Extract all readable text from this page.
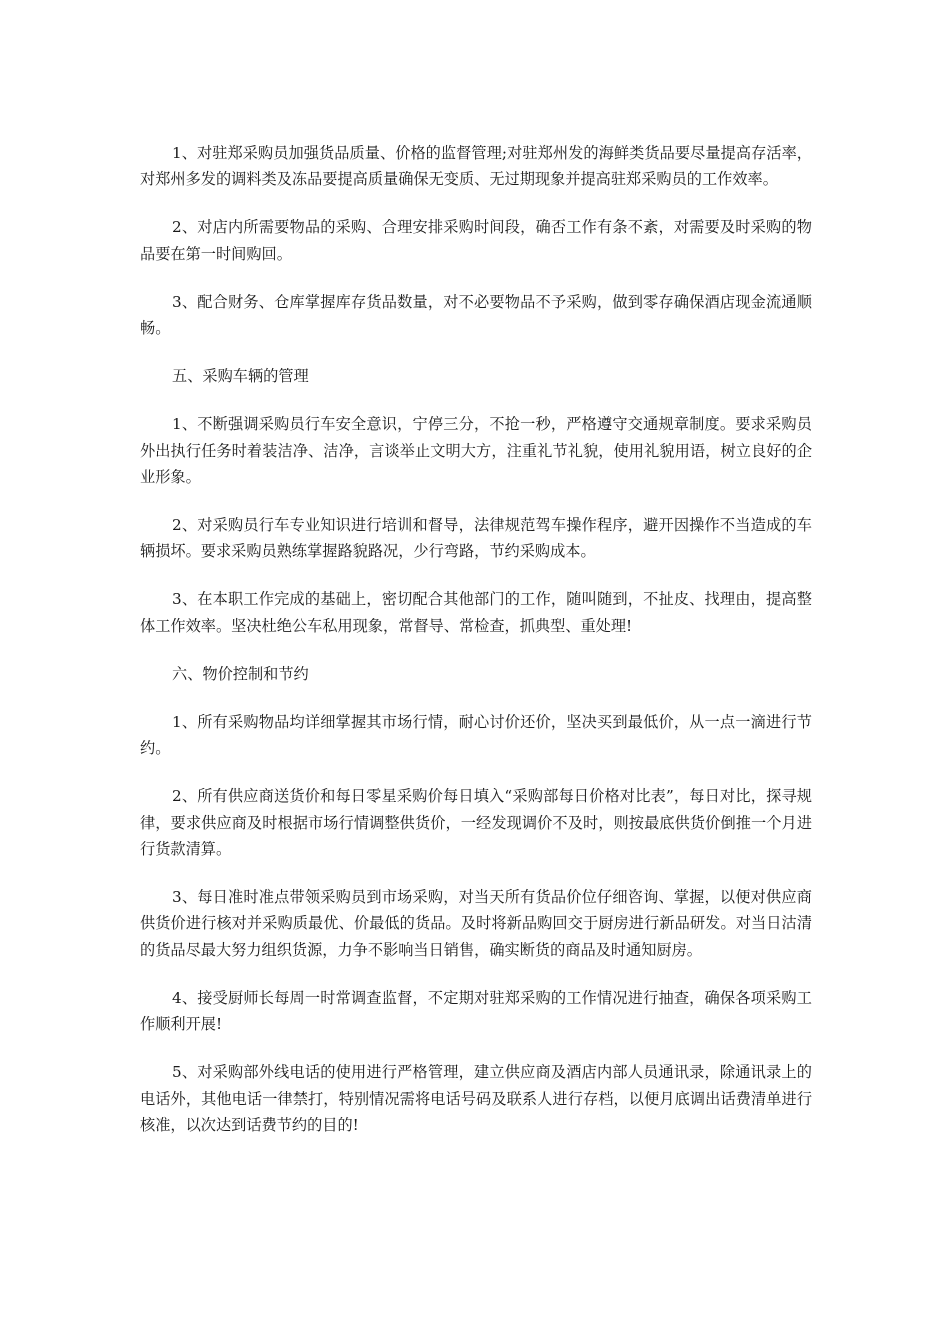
1、对驻郑采购员加强货品质量、价格的监督管理;对驻郑州发的海鲜类货品要尽量提高存活率，对郑州多发的调料类及冻品要提高质量确保无变质、无过期现象并提高驻郑采购员的工作效率。

2、对店内所需要物品的采购、合理安排采购时间段，确否工作有条不紊，对需要及时采购的物品要在第一时间购回。

3、配合财务、仓库掌握库存货品数量，对不必要物品不予采购，做到零存确保酒店现金流通顺畅。

五、采购车辆的管理

1、不断强调采购员行车安全意识，宁停三分，不抢一秒，严格遵守交通规章制度。要求采购员外出执行任务时着装洁净、洁净，言谈举止文明大方，注重礼节礼貌，使用礼貌用语，树立良好的企业形象。

2、对采购员行车专业知识进行培训和督导，法律规范驾车操作程序，避开因操作不当造成的车辆损坏。要求采购员熟练掌握路貌路况，少行弯路，节约采购成本。

3、在本职工作完成的基础上，密切配合其他部门的工作，随叫随到，不扯皮、找理由，提高整体工作效率。坚决杜绝公车私用现象，常督导、常检查，抓典型、重处理!

六、物价控制和节约

1、所有采购物品均详细掌握其市场行情，耐心讨价还价，坚决买到最低价，从一点一滴进行节约。

2、所有供应商送货价和每日零星采购价每日填入“采购部每日价格对比表”，每日对比，探寻规律，要求供应商及时根据市场行情调整供货价，一经发现调价不及时，则按最底供货价倒推一个月进行货款清算。

3、每日准时准点带领采购员到市场采购，对当天所有货品价位仔细咨询、掌握，以便对供应商供货价进行核对并采购质最优、价最低的货品。及时将新品购回交于厨房进行新品研发。对当日沽清的货品尽最大努力组织货源，力争不影响当日销售，确实断货的商品及时通知厨房。

4、接受厨师长每周一时常调查监督，不定期对驻郑采购的工作情况进行抽查，确保各项采购工作顺利开展!

5、对采购部外线电话的使用进行严格管理，建立供应商及酒店内部人员通讯录，除通讯录上的电话外，其他电话一律禁打，特别情况需将电话号码及联系人进行存档，以便月底调出话费清单进行核准，以次达到话费节约的目的!
